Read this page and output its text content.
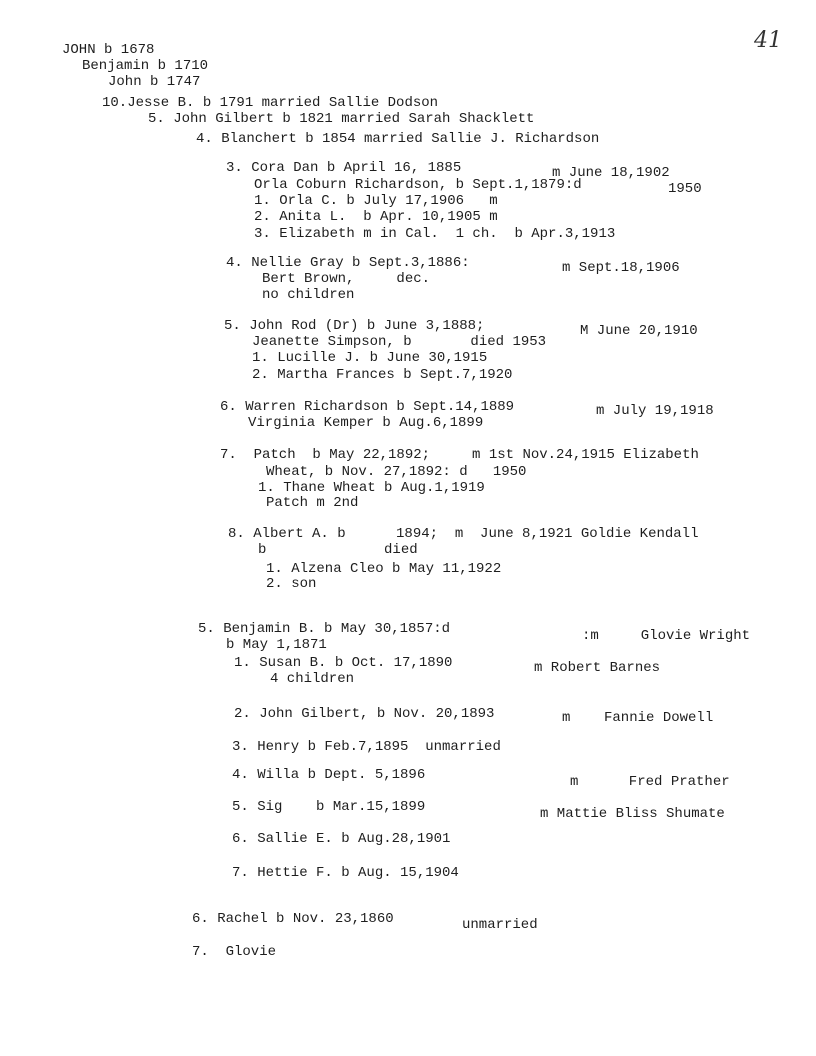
41
JOHN b 1678
Benjamin b 1710
John b 1747
10.Jesse B. b 1791 married Sallie Dodson
5. John Gilbert b 1821 married Sarah Shacklett
4. Blanchert b 1854 married Sallie J. Richardson
3. Cora Dan b April 16, 1885	m June 18,1902
Orla Coburn Richardson, b Sept.1,1879:d	1950
1. Orla C. b July 17,1906   m
2. Anita L.  b Apr. 10,1905 m
3. Elizabeth m in Cal.  1 ch.  b Apr.3,1913
4. Nellie Gray b Sept.3,1886:	m Sept.18,1906
Bert Brown,     dec.
no children
5. John Rod (Dr) b June 3,1888;	M June 20,1910
Jeanette Simpson, b       died 1953
1. Lucille J. b June 30,1915
2. Martha Frances b Sept.7,1920
6. Warren Richardson b Sept.14,1889	m July 19,1918
Virginia Kemper b Aug.6,1899
7.  Patch  b May 22,1892;     m 1st Nov.24,1915 Elizabeth
Wheat, b Nov. 27,1892: d   1950
1. Thane Wheat b Aug.1,1919
Patch m 2nd
8. Albert A. b      1894;  m  June 8,1921 Goldie Kendall
b              died
1. Alzena Cleo b May 11,1922
2. son
5. Benjamin B. b May 30,1857:d	:m     Glovie Wright
b May 1,1871
1. Susan B. b Oct. 17,1890	m Robert Barnes
4 children
2. John Gilbert, b Nov. 20,1893	m    Fannie Dowell
3. Henry b Feb.7,1895  unmarried
4. Willa b Dept. 5,1896	m      Fred Prather
5. Sig    b Mar.15,1899	m Mattie Bliss Shumate
6. Sallie E. b Aug.28,1901
7. Hettie F. b Aug. 15,1904
6. Rachel b Nov. 23,1860	unmarried
7.  Glovie
